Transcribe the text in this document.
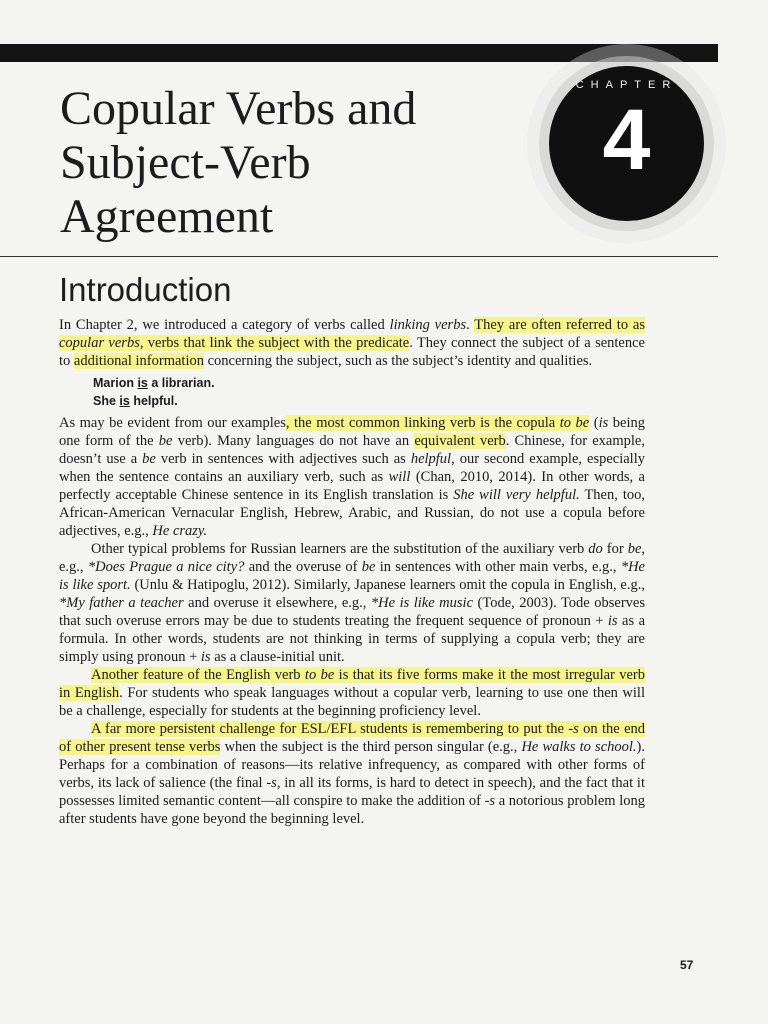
CHAPTER
4
Copular Verbs and
Subject-Verb
Agreement
Introduction

In Chapter 2, we introduced a category of verbs called linking verbs. They are often referred to as copular verbs, verbs that link the subject with the predicate. They connect the subject of a sentence to additional information concerning the subject, such as the subject’s identity and qualities.

Marion is a librarian.
She is helpful.

As may be evident from our examples, the most common linking verb is the copula to be (is being one form of the be verb). Many languages do not have an equivalent verb. Chinese, for example, doesn’t use a be verb in sentences with adjectives such as helpful, our second example, especially when the sentence contains an auxiliary verb, such as will (Chan, 2010, 2014). In other words, a perfectly acceptable Chinese sentence in its English translation is She will very helpful. Then, too, African-American Vernacular English, Hebrew, Arabic, and Russian, do not use a copula before adjectives, e.g., He crazy.

Other typical problems for Russian learners are the substitution of the auxiliary verb do for be, e.g., *Does Prague a nice city? and the overuse of be in sentences with other main verbs, e.g., *He is like sport. (Unlu & Hatipoglu, 2012). Similarly, Japanese learners omit the copula in English, e.g., *My father a teacher and overuse it elsewhere, e.g., *He is like music (Tode, 2003). Tode observes that such overuse errors may be due to students treating the frequent sequence of pronoun + is as a formula. In other words, students are not thinking in terms of supplying a copula verb; they are simply using pronoun + is as a clause-initial unit.

Another feature of the English verb to be is that its five forms make it the most irregular verb in English. For students who speak languages without a copular verb, learning to use one then will be a challenge, especially for students at the beginning proficiency level.

A far more persistent challenge for ESL/EFL students is remembering to put the -s on the end of other present tense verbs when the subject is the third person singular (e.g., He walks to school.). Perhaps for a combination of reasons—its relative infrequency, as compared with other forms of verbs, its lack of salience (the final -s, in all its forms, is hard to detect in speech), and the fact that it possesses limited semantic content—all conspire to make the addition of -s a notorious problem long after students have gone beyond the beginning level.

57
